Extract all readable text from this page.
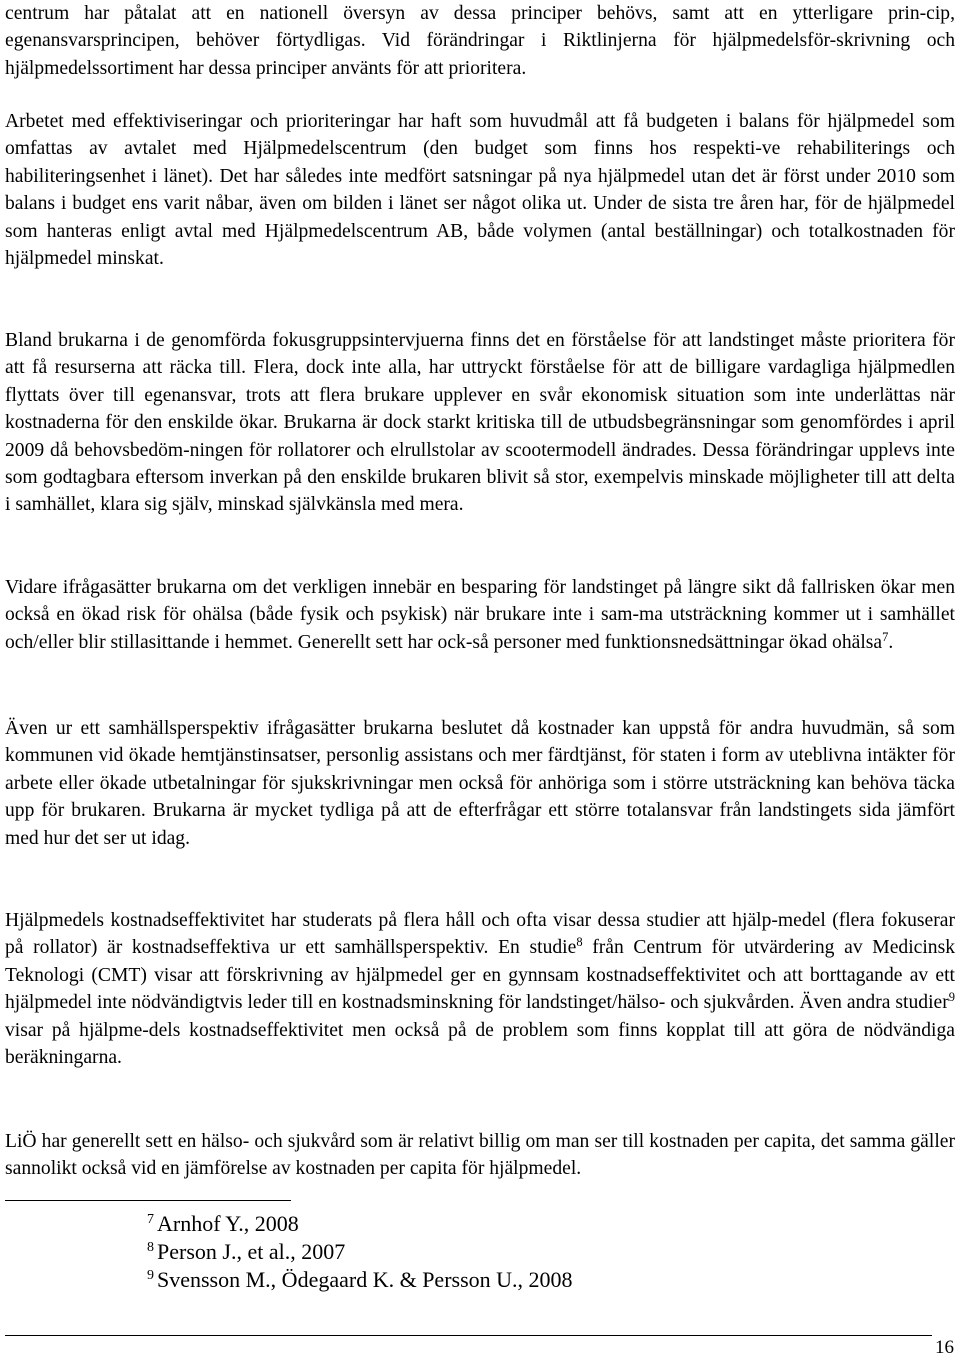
centrum har påtalat att en nationell översyn av dessa principer behövs, samt att en ytterligare prin-cip, egenansvarsprincipen, behöver förtydligas. Vid förändringar i Riktlinjerna för hjälpmedelsför-skrivning och hjälpmedelssortiment har dessa principer använts för att prioritera.

Arbetet med effektiviseringar och prioriteringar har haft som huvudmål att få budgeten i balans för hjälpmedel som omfattas av avtalet med Hjälpmedelscentrum (den budget som finns hos respekti-ve rehabiliterings och habiliteringsenhet i länet). Det har således inte medfört satsningar på nya hjälpmedel utan det är först under 2010 som balans i budget ens varit nåbar, även om bilden i länet ser något olika ut. Under de sista tre åren har, för de hjälpmedel som hanteras enligt avtal med Hjälpmedelscentrum AB, både volymen (antal beställningar) och totalkostnaden för hjälpmedel minskat.

Bland brukarna i de genomförda fokusgruppsintervjuerna finns det en förståelse för att landstinget måste prioritera för att få resurserna att räcka till. Flera, dock inte alla, har uttryckt förståelse för att de billigare vardagliga hjälpmedlen flyttats över till egenansvar, trots att flera brukare upplever en svår ekonomisk situation som inte underlättas när kostnaderna för den enskilde ökar. Brukarna är dock starkt kritiska till de utbudsbegränsningar som genomfördes i april 2009 då behovsbedöm-ningen för rollatorer och elrullstolar av scootermodell ändrades. Dessa förändringar upplevs inte som godtagbara eftersom inverkan på den enskilde brukaren blivit så stor, exempelvis minskade möjligheter till att delta i samhället, klara sig själv, minskad självkänsla med mera.

Vidare ifrågasätter brukarna om det verkligen innebär en besparing för landstinget på längre sikt då fallrisken ökar men också en ökad risk för ohälsa (både fysik och psykisk) när brukare inte i sam-ma utsträckning kommer ut i samhället och/eller blir stillasittande i hemmet. Generellt sett har ock-så personer med funktionsnedsättningar ökad ohälsa$^7$.

Även ur ett samhällsperspektiv ifrågasätter brukarna beslutet då kostnader kan uppstå för andra huvudmän, så som kommunen vid ökade hemtjänstinsatser, personlig assistans och mer färdtjänst, för staten i form av uteblivna intäkter för arbete eller ökade utbetalningar för sjukskrivningar men också för anhöriga som i större utsträckning kan behöva täcka upp för brukaren. Brukarna är mycket tydliga på att de efterfrågar ett större totalansvar från landstingets sida jämfört med hur det ser ut idag.

Hjälpmedels kostnadseffektivitet har studerats på flera håll och ofta visar dessa studier att hjälp-medel (flera fokuserar på rollator) är kostnadseffektiva ur ett samhällsperspektiv. En studie$^8$ från Centrum för utvärdering av Medicinsk Teknologi (CMT) visar att förskrivning av hjälpmedel ger en gynnsam kostnadseffektivitet och att borttagande av ett hjälpmedel inte nödvändigtvis leder till en kostnadsminskning för landstinget/hälso- och sjukvården. Även andra studier$^9$ visar på hjälpme-dels kostnadseffektivitet men också på de problem som finns kopplat till att göra de nödvändiga beräkningarna.

LiÖ har generellt sett en hälso- och sjukvård som är relativt billig om man ser till kostnaden per capita, det samma gäller sannolikt också vid en jämförelse av kostnaden per capita för hjälpmedel.

$^7$ Arnhof Y., 2008

$^8$ Person J., et al., 2007

$^9$ Svensson M., Ödegaard K. & Persson U., 2008

16
